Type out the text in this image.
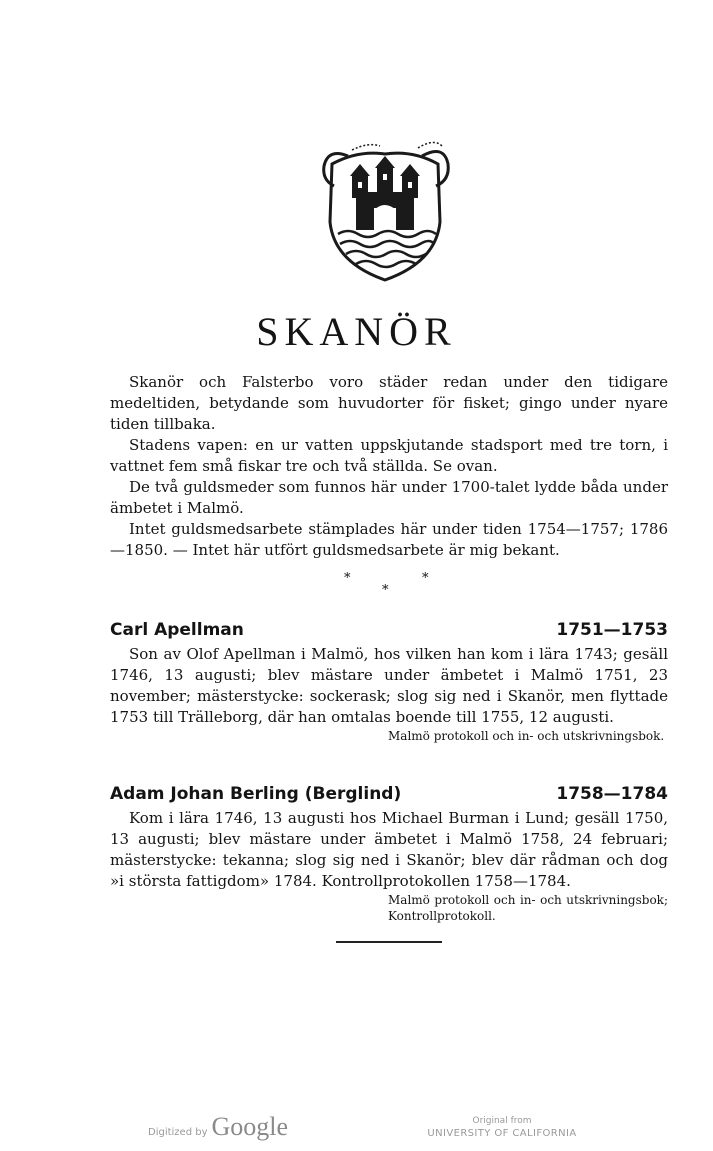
SKANÖR

Skanör och Falsterbo voro städer redan under den tidigare medeltiden, betydande som huvudorter för fisket; gingo under nyare tiden tillbaka.

Stadens vapen: en ur vatten uppskjutande stadsport med tre torn, i vattnet fem små fiskar tre och två ställda. Se ovan.

De två guldsmeder som funnos här under 1700-talet lydde båda under ämbetet i Malmö.

Intet guldsmedsarbete stämplades här under tiden 1754—1757; 1786—1850. — Intet här utfört guldsmedsarbete är mig bekant.

*
*
*
Carl Apellman	1751—1753

Son av Olof Apellman i Malmö, hos vilken han kom i lära 1743; gesäll 1746, 13 augusti; blev mästare under ämbetet i Malmö 1751, 23 november; mästerstycke: sockerask; slog sig ned i Skanör, men flyttade 1753 till Trälleborg, där han omtalas boende till 1755, 12 augusti.

Malmö protokoll och in- och utskrivningsbok.

Adam Johan Berling (Berglind)	1758—1784

Kom i lära 1746, 13 augusti hos Michael Burman i Lund; gesäll 1750, 13 augusti; blev mästare under ämbetet i Malmö 1758, 24 februari; mästerstycke: tekanna; slog sig ned i Skanör; blev där rådman och dog »i största fattigdom» 1784. Kontrollprotokollen 1758—1784.

Malmö protokoll och in- och utskrivningsbok; Kontrollprotokoll.

Digitized by Google	Original from
UNIVERSITY OF CALIFORNIA
